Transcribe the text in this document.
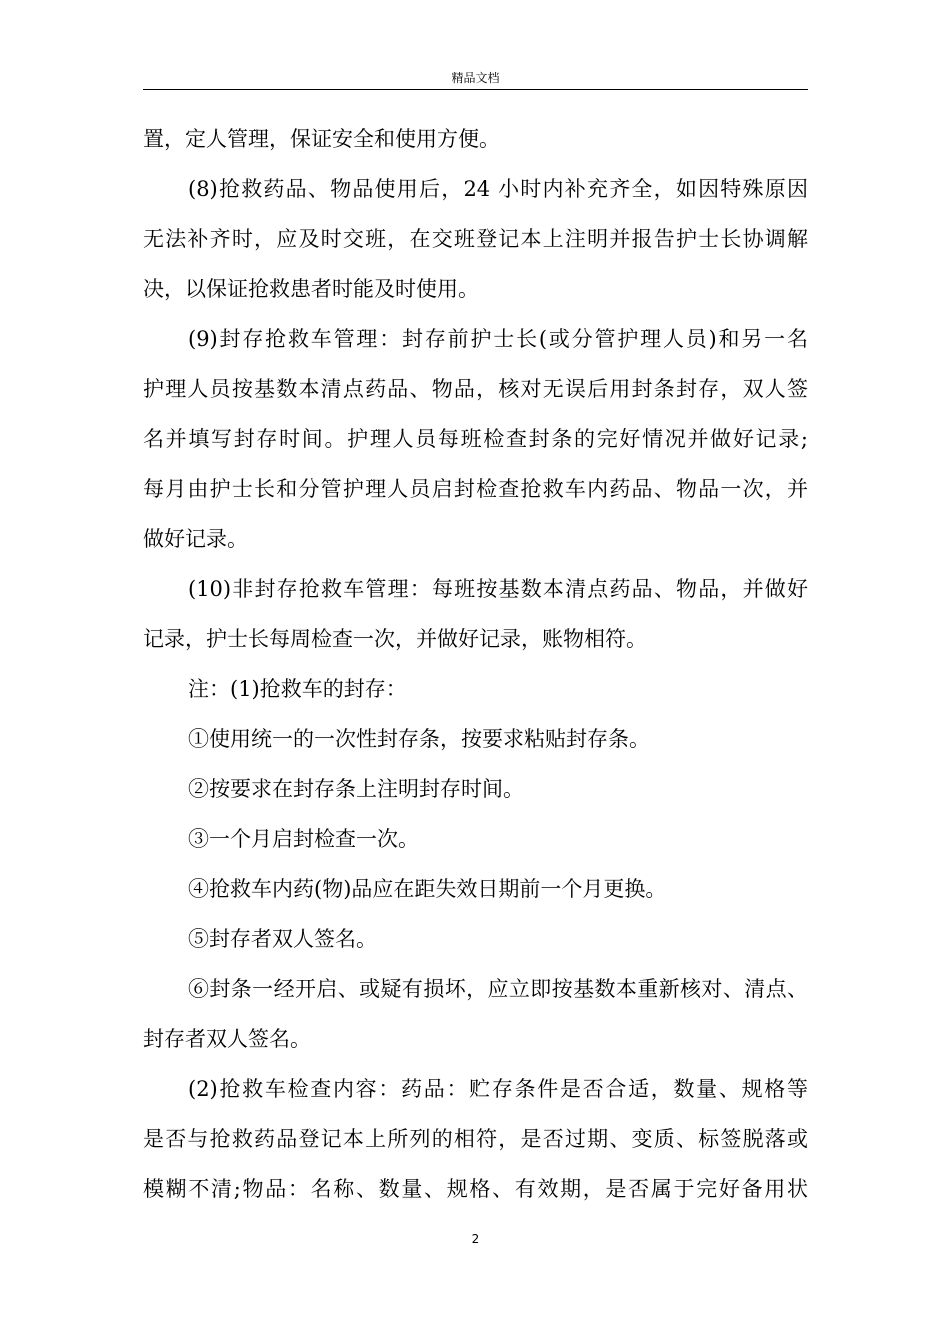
精品文档
置，定人管理，保证安全和使用方便。
(8)抢救药品、物品使用后，24 小时内补充齐全，如因特殊原因
无法补齐时，应及时交班，在交班登记本上注明并报告护士长协调解
决，以保证抢救患者时能及时使用。
(9)封存抢救车管理：封存前护士长(或分管护理人员)和另一名
护理人员按基数本清点药品、物品，核对无误后用封条封存，双人签
名并填写封存时间。护理人员每班检查封条的完好情况并做好记录;
每月由护士长和分管护理人员启封检查抢救车内药品、物品一次，并
做好记录。
(10)非封存抢救车管理：每班按基数本清点药品、物品，并做好
记录，护士长每周检查一次，并做好记录，账物相符。
注：(1)抢救车的封存：
①使用统一的一次性封存条，按要求粘贴封存条。
②按要求在封存条上注明封存时间。
③一个月启封检查一次。
④抢救车内药(物)品应在距失效日期前一个月更换。
⑤封存者双人签名。
⑥封条一经开启、或疑有损坏，应立即按基数本重新核对、清点、
封存者双人签名。
(2)抢救车检查内容：药品：贮存条件是否合适，数量、规格等
是否与抢救药品登记本上所列的相符，是否过期、变质、标签脱落或
模糊不清;物品：名称、数量、规格、有效期，是否属于完好备用状
2
